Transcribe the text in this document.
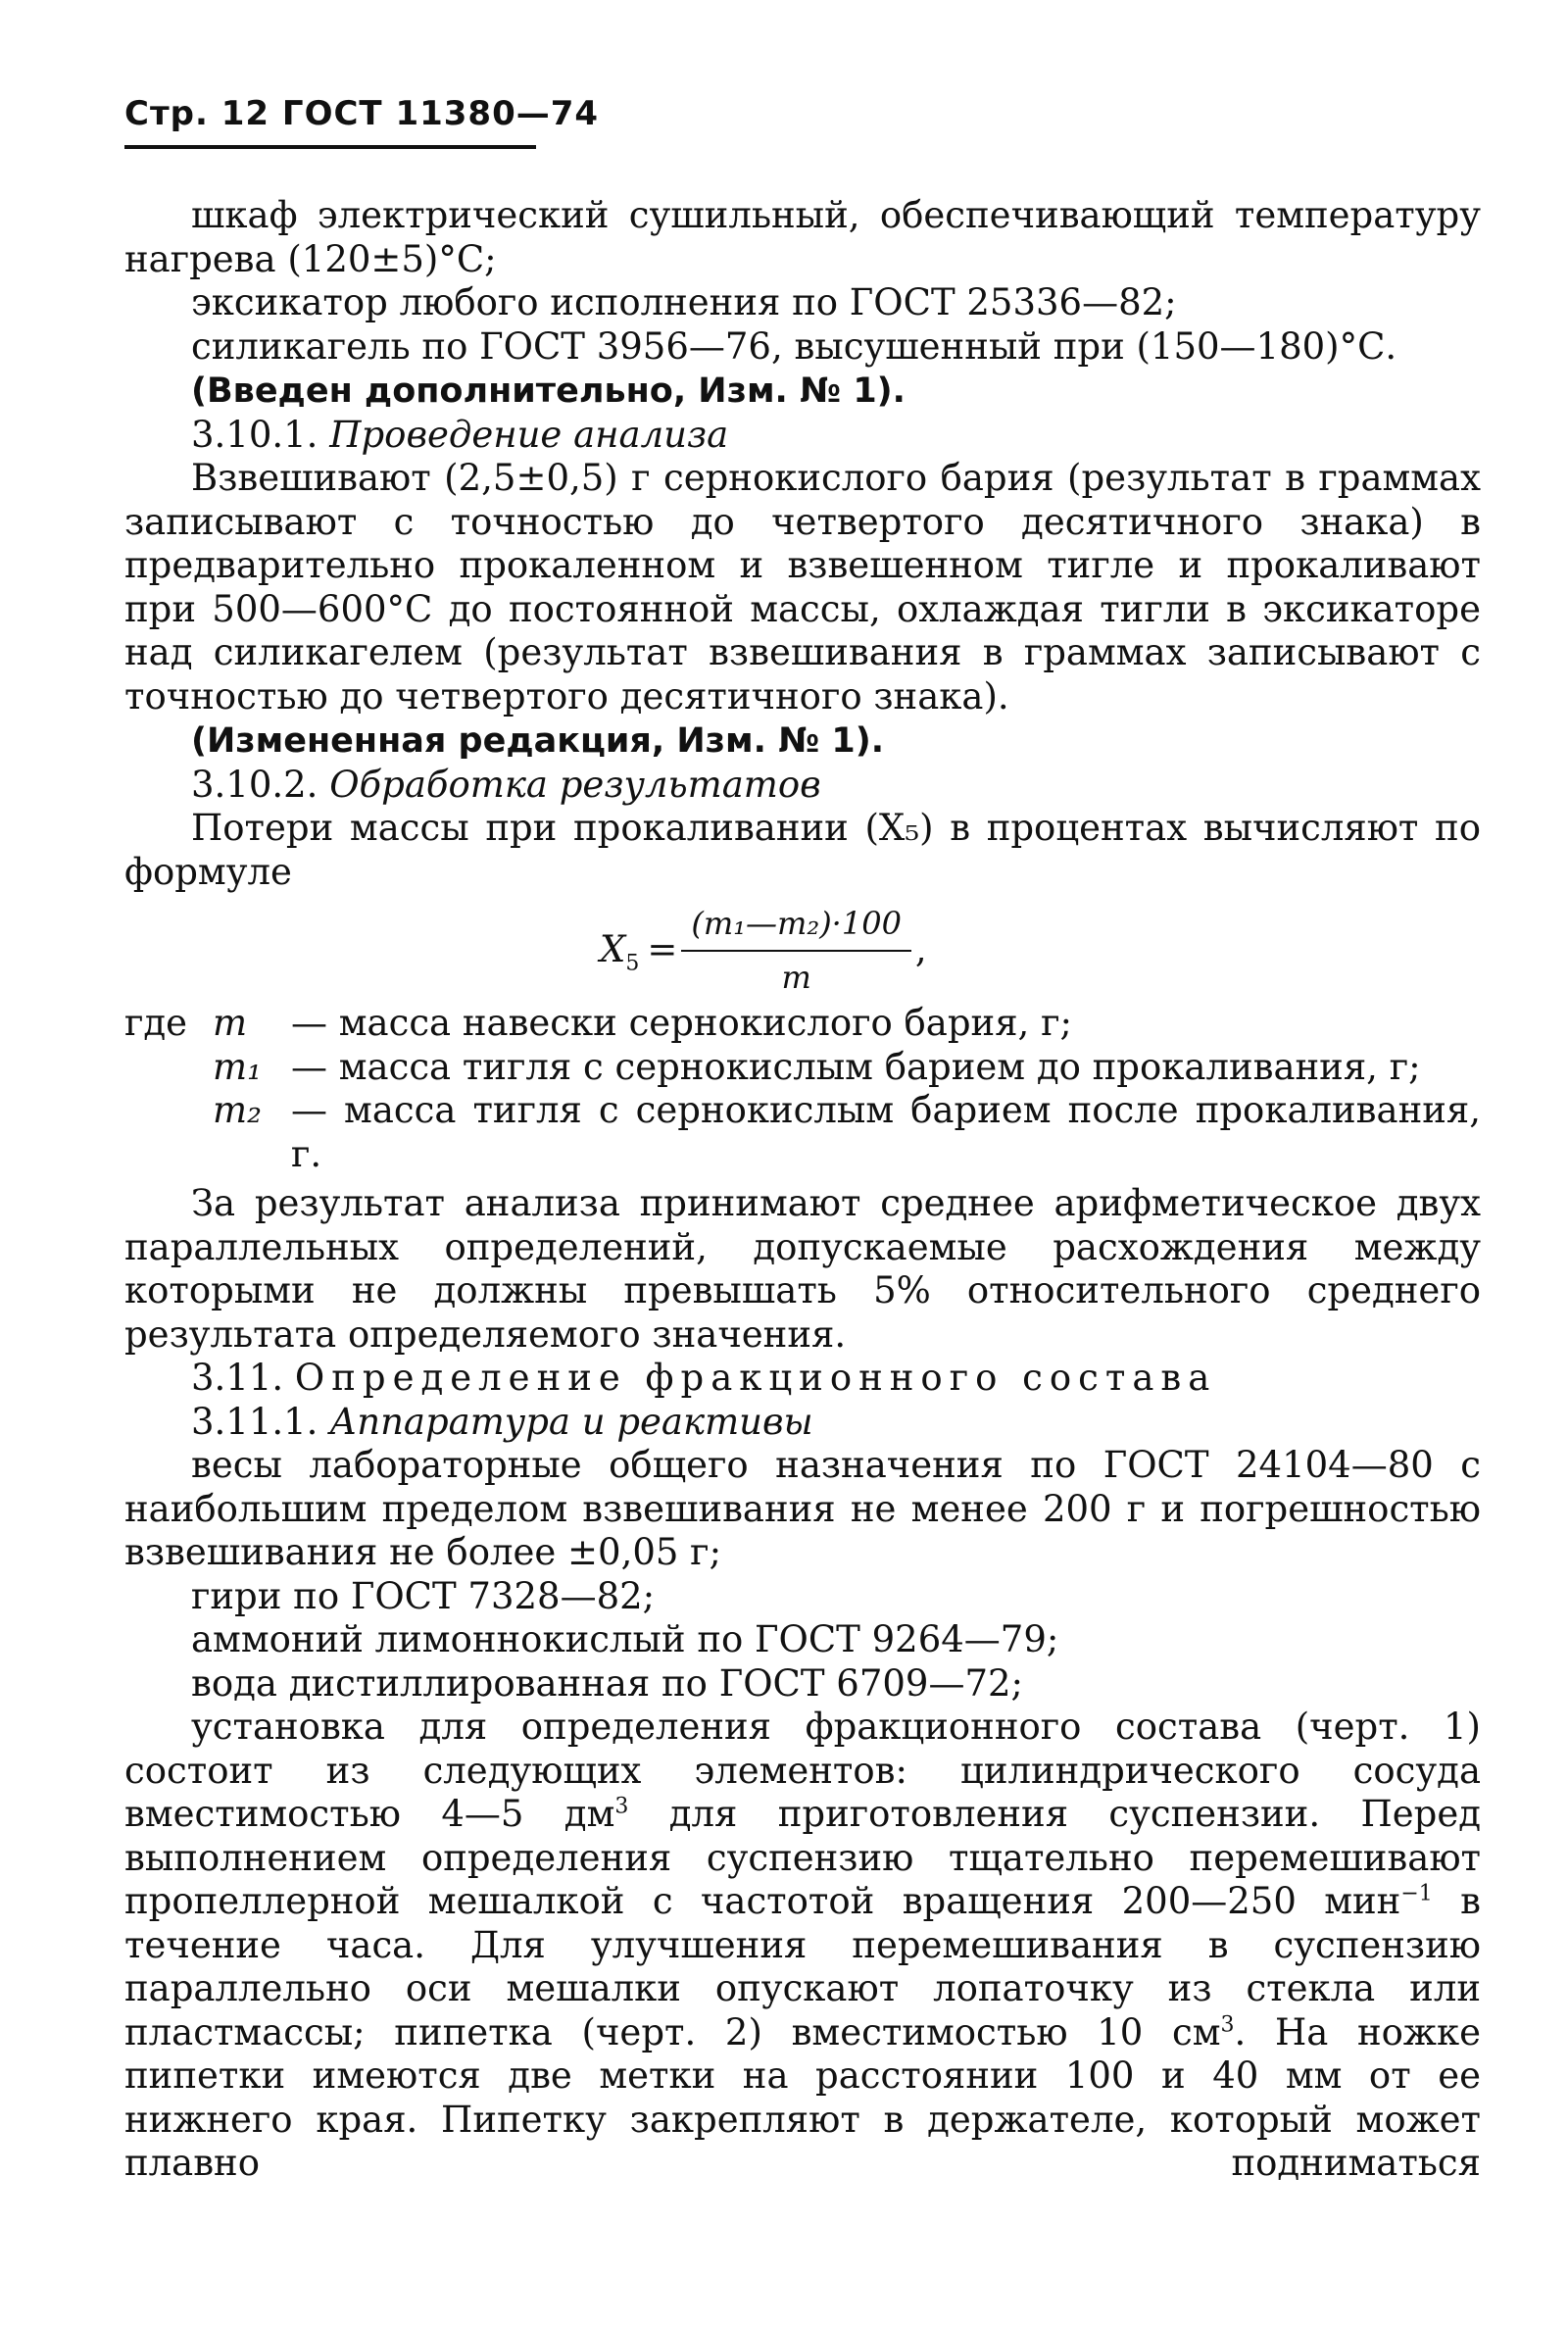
Стр. 12 ГОСТ 11380—74

шкаф электрический сушильный, обеспечивающий температуру нагрева (120±5)°С;

эксикатор любого исполнения по ГОСТ 25336—82;

силикагель по ГОСТ 3956—76, высушенный при (150—180)°С.

(Введен дополнительно, Изм. № 1).

3.10.1. Проведение анализа

Взвешивают (2,5±0,5) г сернокислого бария (результат в граммах записывают с точностью до четвертого десятичного знака) в предварительно прокаленном и взвешенном тигле и прокаливают при 500—600°С до постоянной массы, охлаждая тигли в эксикаторе над силикагелем (результат взвешивания в граммах записывают с точностью до четвертого десятичного знака).

(Измененная редакция, Изм. № 1).

3.10.2. Обработка результатов

Потери массы при прокаливании (X₅) в процентах вычисляют по формуле

$X_5 = \frac{\text{(m₁—m₂)·100}}{m}$ ,
где m	— масса навески сернокислого бария, г;
m₁ — масса тигля с сернокислым барием до прокаливания, г;
m₂ — масса тигля с сернокислым барием после прокаливания, г.

За результат анализа принимают среднее арифметическое двух параллельных определений, допускаемые расхождения между которыми не должны превышать 5% относительного среднего результата определяемого значения.

3.11. Определение фракционного состава

3.11.1. Аппаратура и реактивы

весы лабораторные общего назначения по ГОСТ 24104—80 с наибольшим пределом взвешивания не менее 200 г и погрешностью взвешивания не более ±0,05 г;

гири по ГОСТ 7328—82;

аммоний лимоннокислый по ГОСТ 9264—79;

вода дистиллированная по ГОСТ 6709—72;

установка для определения фракционного состава (черт. 1) состоит из следующих элементов: цилиндрического сосуда вместимостью 4—5 $дм^3$ для приготовления суспензии. Перед выполнением определения суспензию тщательно перемешивают пропеллерной мешалкой с частотой вращения 200—250 мин$^{-1}$ в течение часа. Для улучшения перемешивания в суспензию параллельно оси мешалки опускают лопаточку из стекла или пластмассы; пипетка (черт. 2) вместимостью 10 $см^3$. На ножке пипетки имеются две метки на расстоянии 100 и 40 мм от ее нижнего края. Пипетку закрепляют в держателе, который может плавно подниматься
